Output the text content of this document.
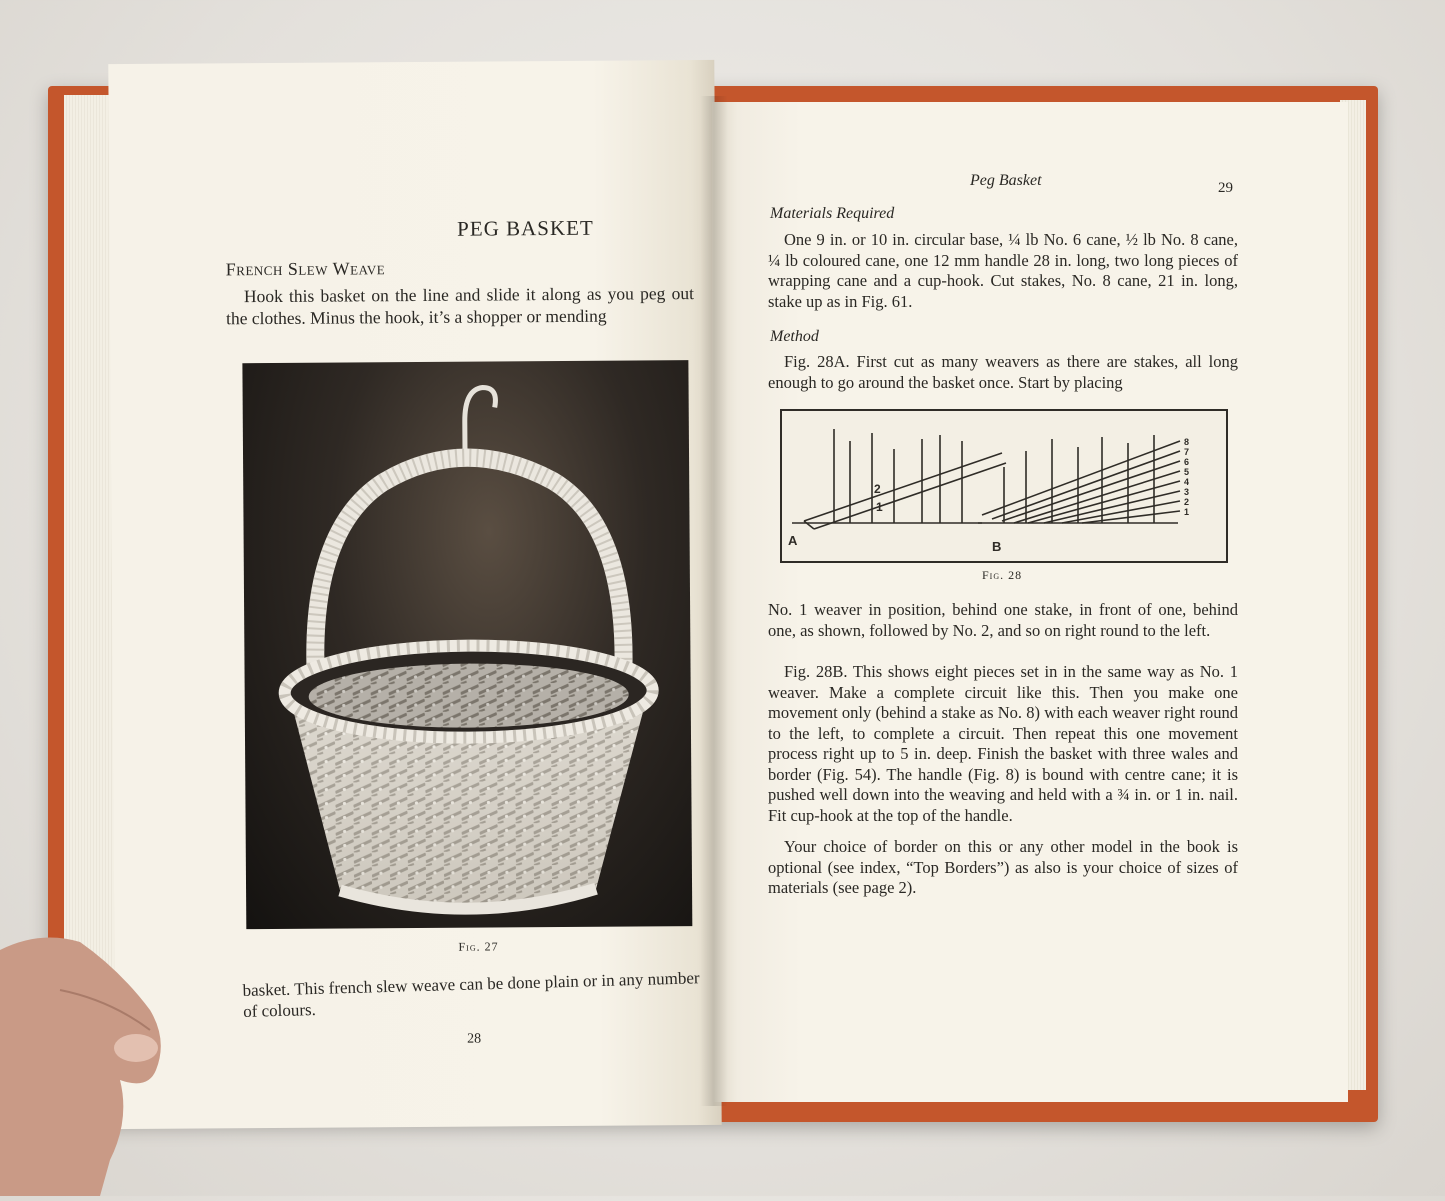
PEG BASKET
French Slew Weave
Hook this basket on the line and slide it along as you peg out the clothes. Minus the hook, it’s a shopper or mending
Fig. 27
basket. This french slew weave can be done plain or in any number of colours.
28
Peg Basket	29
Materials Required
One 9 in. or 10 in. circular base, ¼ lb No. 6 cane, ½ lb No. 8 cane, ¼ lb coloured cane, one 12 mm handle 28 in. long, two long pieces of wrapping cane and a cup-hook. Cut stakes, No. 8 cane, 21 in. long, stake up as in Fig. 61.
Method
Fig. 28A. First cut as many weavers as there are stakes, all long enough to go around the basket once. Start by placing
A	B
2
1
8
7
6
5
4
3
2
1
Fig. 28
No. 1 weaver in position, behind one stake, in front of one, behind one, as shown, followed by No. 2, and so on right round to the left.
Fig. 28B. This shows eight pieces set in in the same way as No. 1 weaver. Make a complete circuit like this. Then you make one movement only (behind a stake as No. 8) with each weaver right round to the left, to complete a circuit. Then repeat this one movement process right up to 5 in. deep. Finish the basket with three wales and border (Fig. 54). The handle (Fig. 8) is bound with centre cane; it is pushed well down into the weaving and held with a ¾ in. or 1 in. nail. Fit cup-hook at the top of the handle.
Your choice of border on this or any other model in the book is optional (see index, “Top Borders”) as also is your choice of sizes of materials (see page 2).
